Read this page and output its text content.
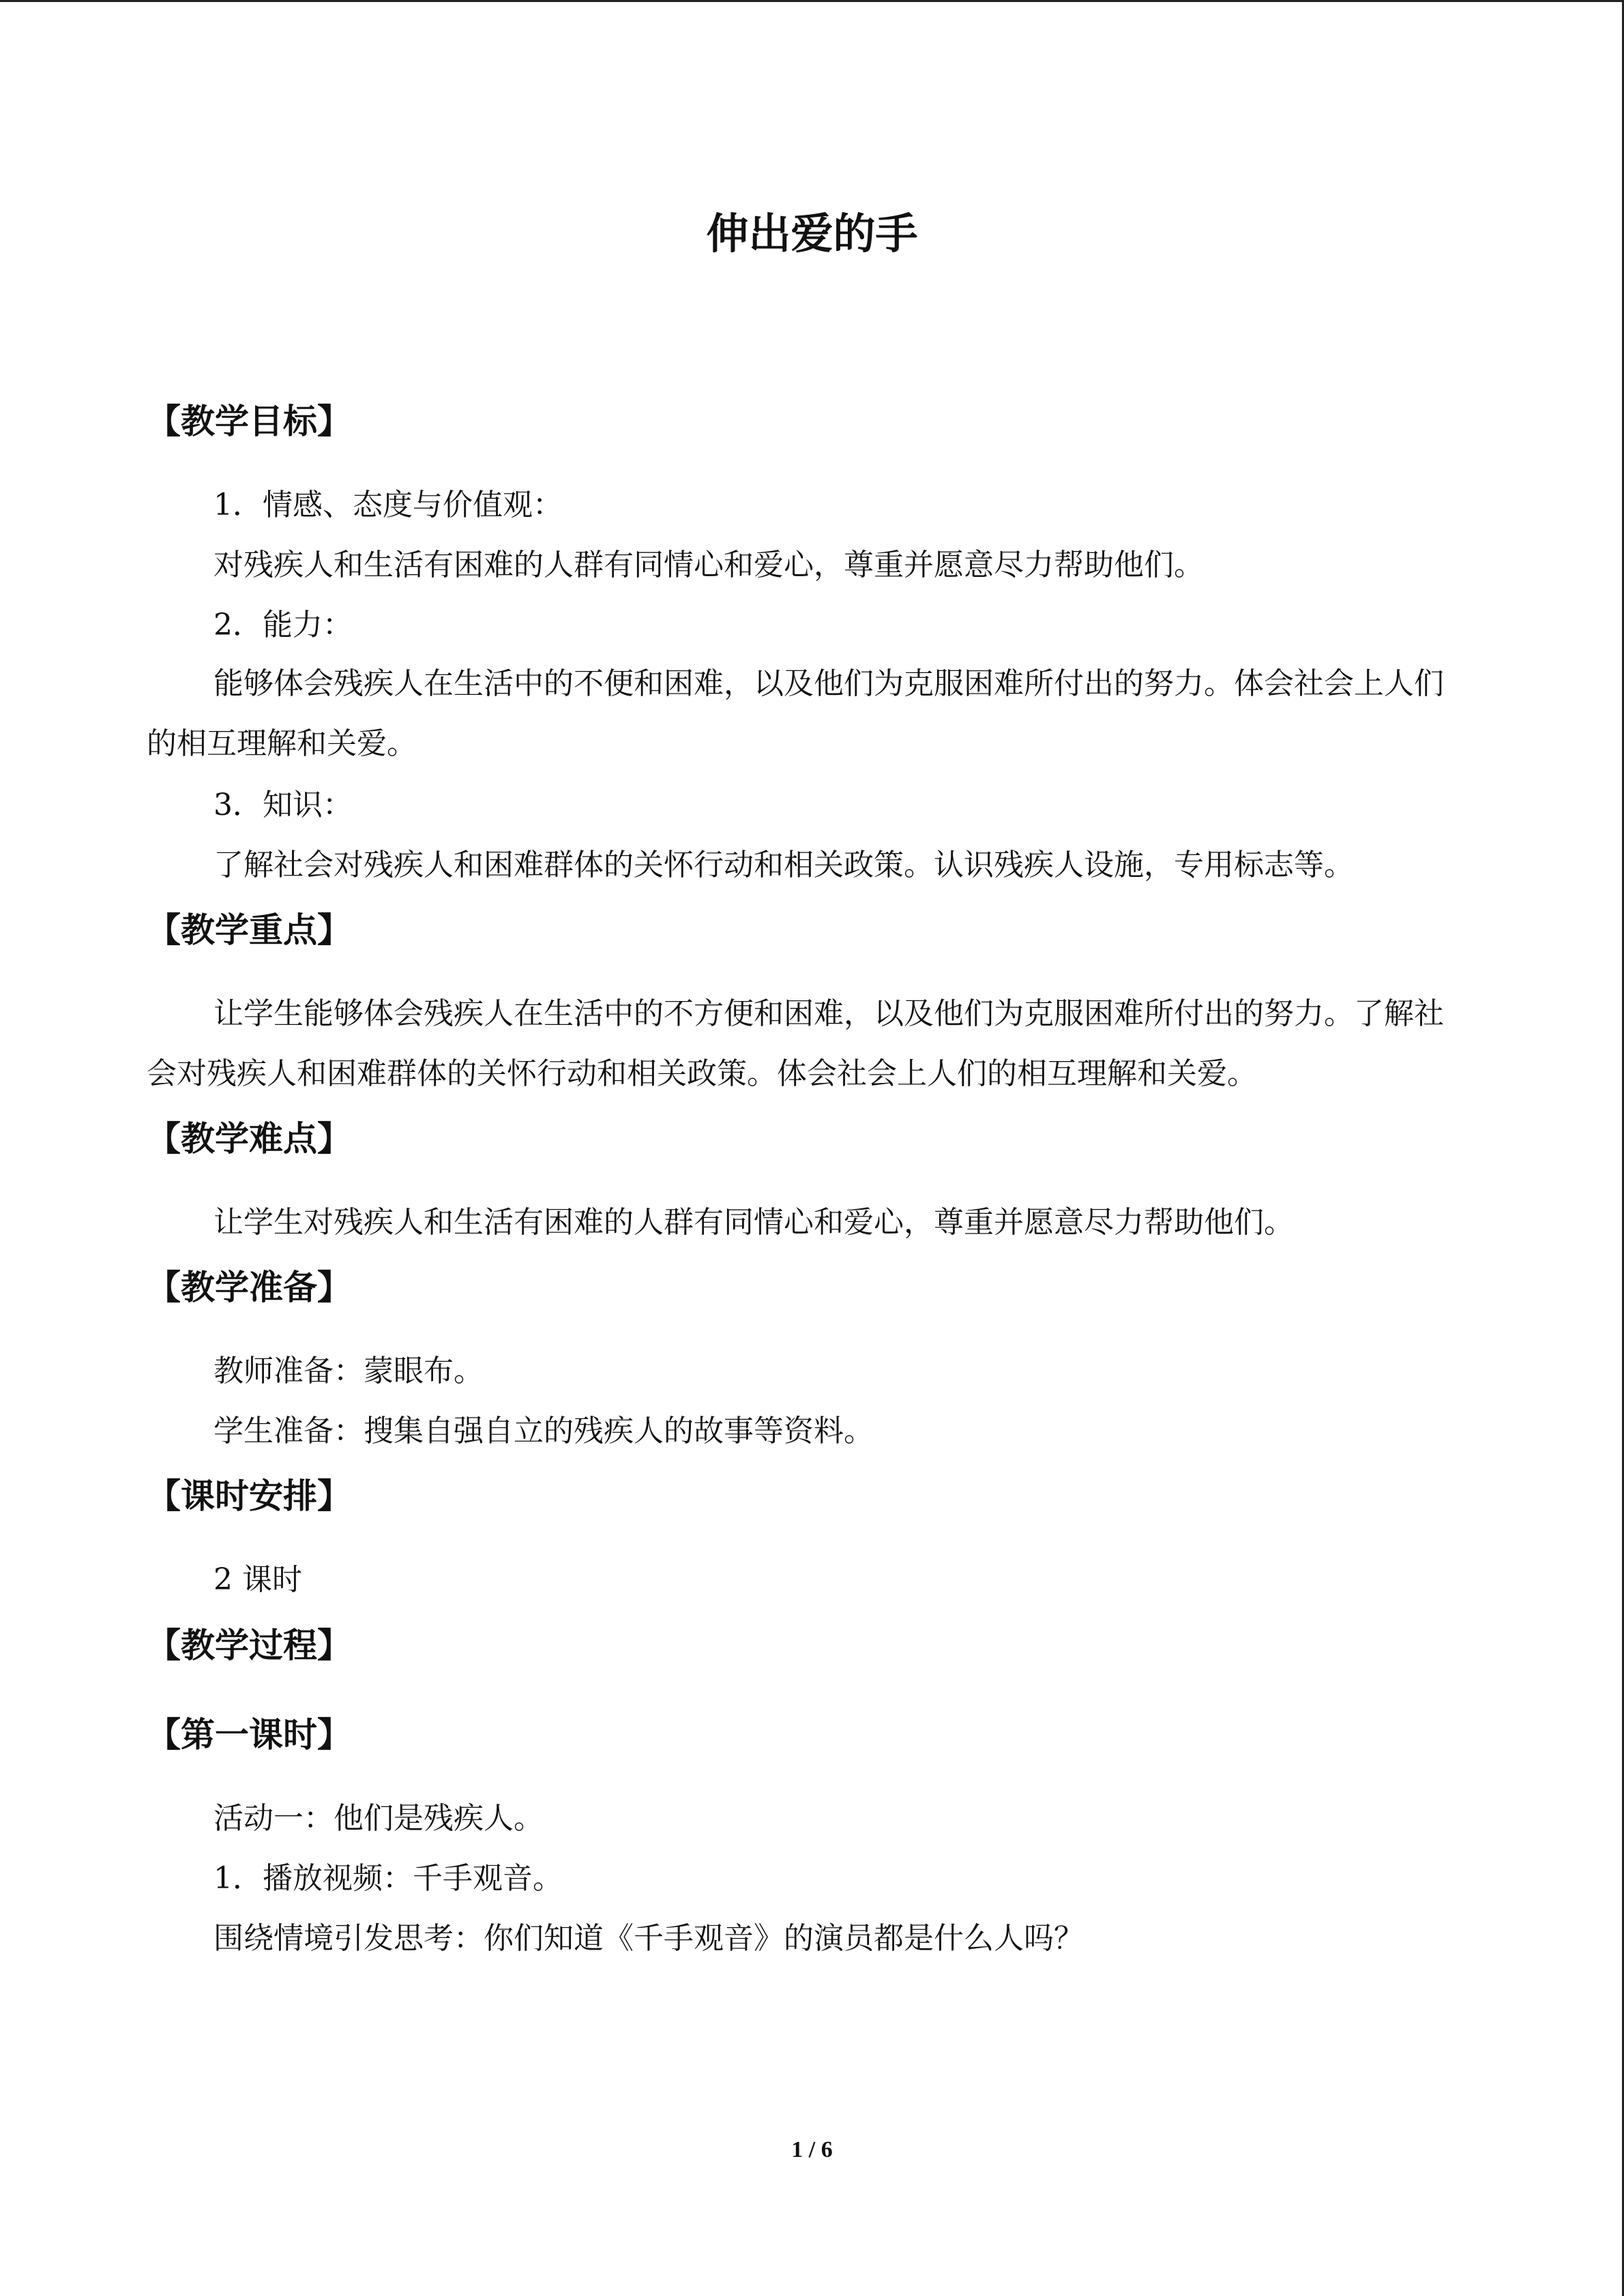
伸出爱的手
【教学目标】

1．情感、态度与价值观：

对残疾人和生活有困难的人群有同情心和爱心，尊重并愿意尽力帮助他们。

2．能力：

能够体会残疾人在生活中的不便和困难，以及他们为克服困难所付出的努力。体会社会上人们的相互理解和关爱。

3．知识：

了解社会对残疾人和困难群体的关怀行动和相关政策。认识残疾人设施，专用标志等。

【教学重点】

让学生能够体会残疾人在生活中的不方便和困难，以及他们为克服困难所付出的努力。了解社会对残疾人和困难群体的关怀行动和相关政策。体会社会上人们的相互理解和关爱。

【教学难点】

让学生对残疾人和生活有困难的人群有同情心和爱心，尊重并愿意尽力帮助他们。

【教学准备】

教师准备：蒙眼布。

学生准备：搜集自强自立的残疾人的故事等资料。

【课时安排】

2 课时

【教学过程】
【第一课时】

活动一：他们是残疾人。

1．播放视频：千手观音。

围绕情境引发思考：你们知道《千手观音》的演员都是什么人吗？

1 / 6
